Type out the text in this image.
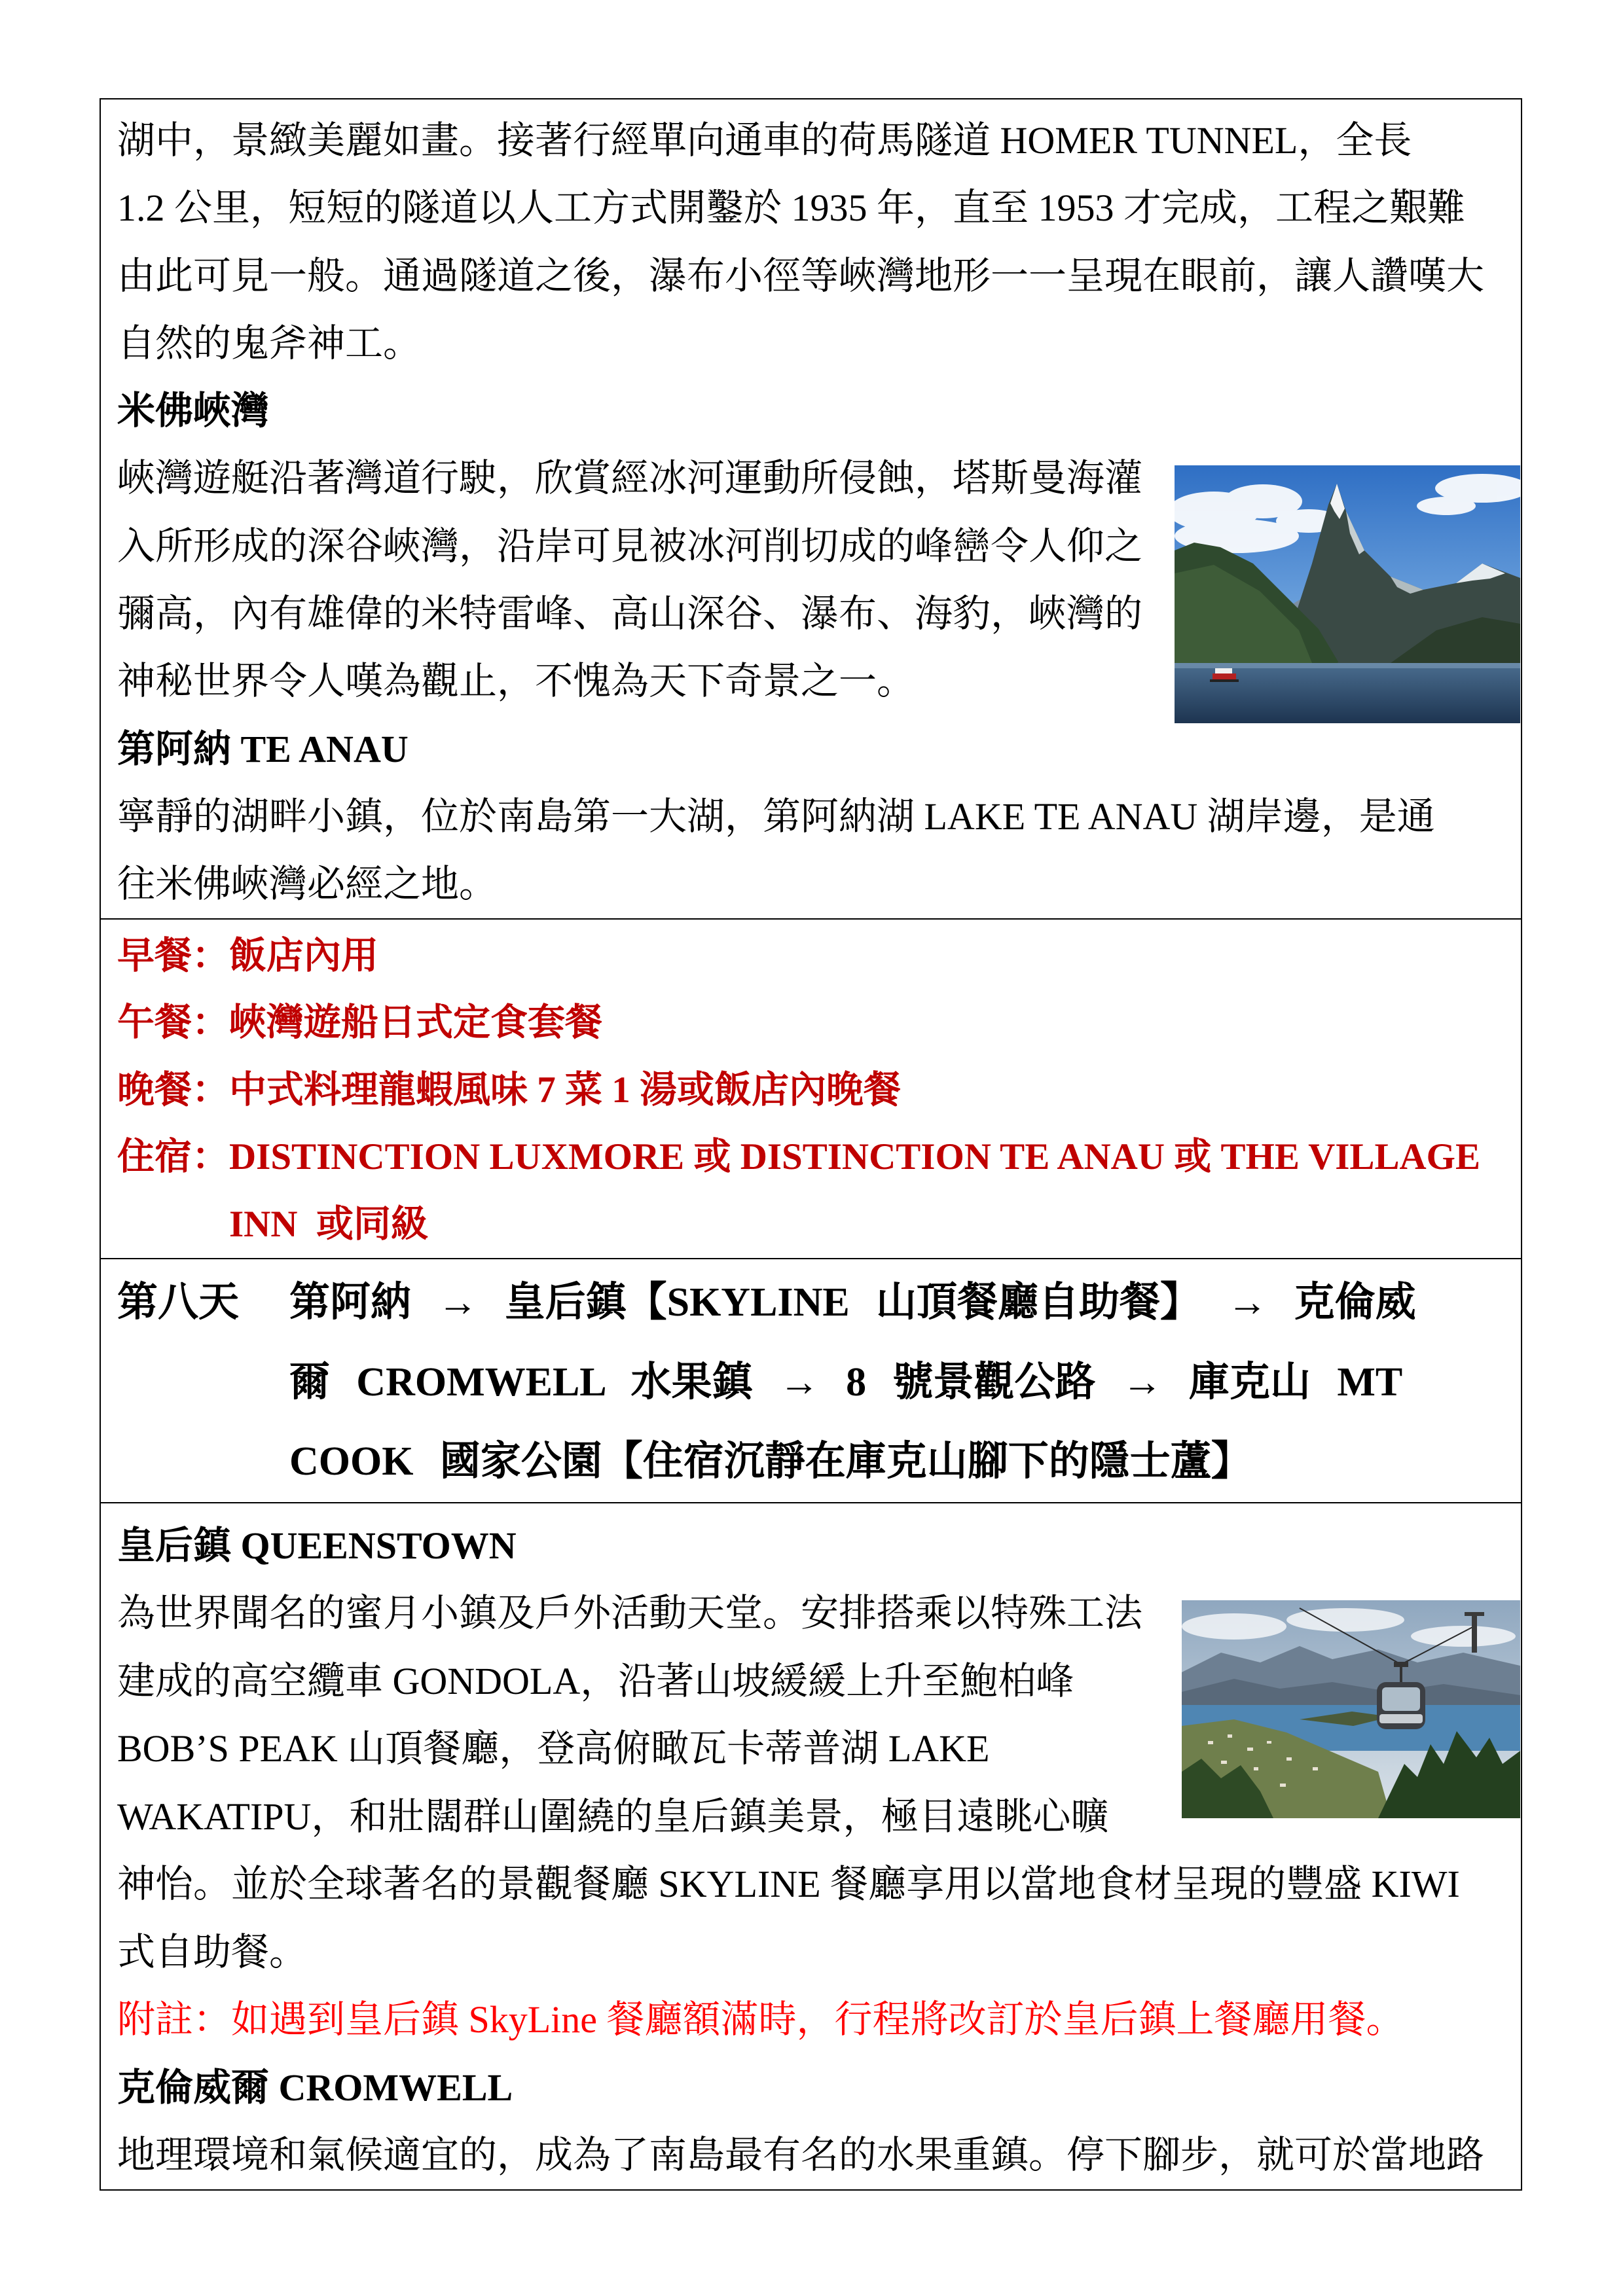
湖中，景緻美麗如畫。接著行經單向通車的荷馬隧道 HOMER TUNNEL，全長
1.2 公里，短短的隧道以人工方式開鑿於 1935 年，直至 1953 才完成，工程之艱難
由此可見一般。通過隧道之後，瀑布小徑等峽灣地形一一呈現在眼前，讓人讚嘆大
自然的鬼斧神工。
米佛峽灣
峽灣遊艇沿著灣道行駛，欣賞經冰河運動所侵蝕，塔斯曼海灌
入所形成的深谷峽灣，沿岸可見被冰河削切成的峰巒令人仰之
彌高，內有雄偉的米特雷峰、高山深谷、瀑布、海豹，峽灣的
神秘世界令人嘆為觀止，不愧為天下奇景之一。
第阿納 TE ANAU
寧靜的湖畔小鎮，位於南島第一大湖，第阿納湖 LAKE TE ANAU 湖岸邊，是通
往米佛峽灣必經之地。
早餐：飯店內用
午餐：峽灣遊船日式定食套餐
晚餐：中式料理龍蝦風味 7 菜 1 湯或飯店內晚餐
住宿：DISTINCTION LUXMORE 或 DISTINCTION TE ANAU 或 THE VILLAGE
INN  或同級
第八天	第阿納 → 皇后鎮【SKYLINE 山頂餐廳自助餐】 → 克倫威
爾 CROMWELL 水果鎮 → 8 號景觀公路 → 庫克山 MT
COOK 國家公園【住宿沉靜在庫克山腳下的隱士蘆】
皇后鎮 QUEENSTOWN
為世界聞名的蜜月小鎮及戶外活動天堂。安排搭乘以特殊工法
建成的高空纜車 GONDOLA，沿著山坡緩緩上升至鮑柏峰
BOB’S PEAK 山頂餐廳，登高俯瞰瓦卡蒂普湖 LAKE
WAKATIPU，和壯闊群山圍繞的皇后鎮美景，極目遠眺心曠
神怡。並於全球著名的景觀餐廳 SKYLINE 餐廳享用以當地食材呈現的豐盛 KIWI
式自助餐。
附註：如遇到皇后鎮 SkyLine 餐廳額滿時，行程將改訂於皇后鎮上餐廳用餐。
克倫威爾 CROMWELL
地理環境和氣候適宜的，成為了南島最有名的水果重鎮。停下腳步，就可於當地路
